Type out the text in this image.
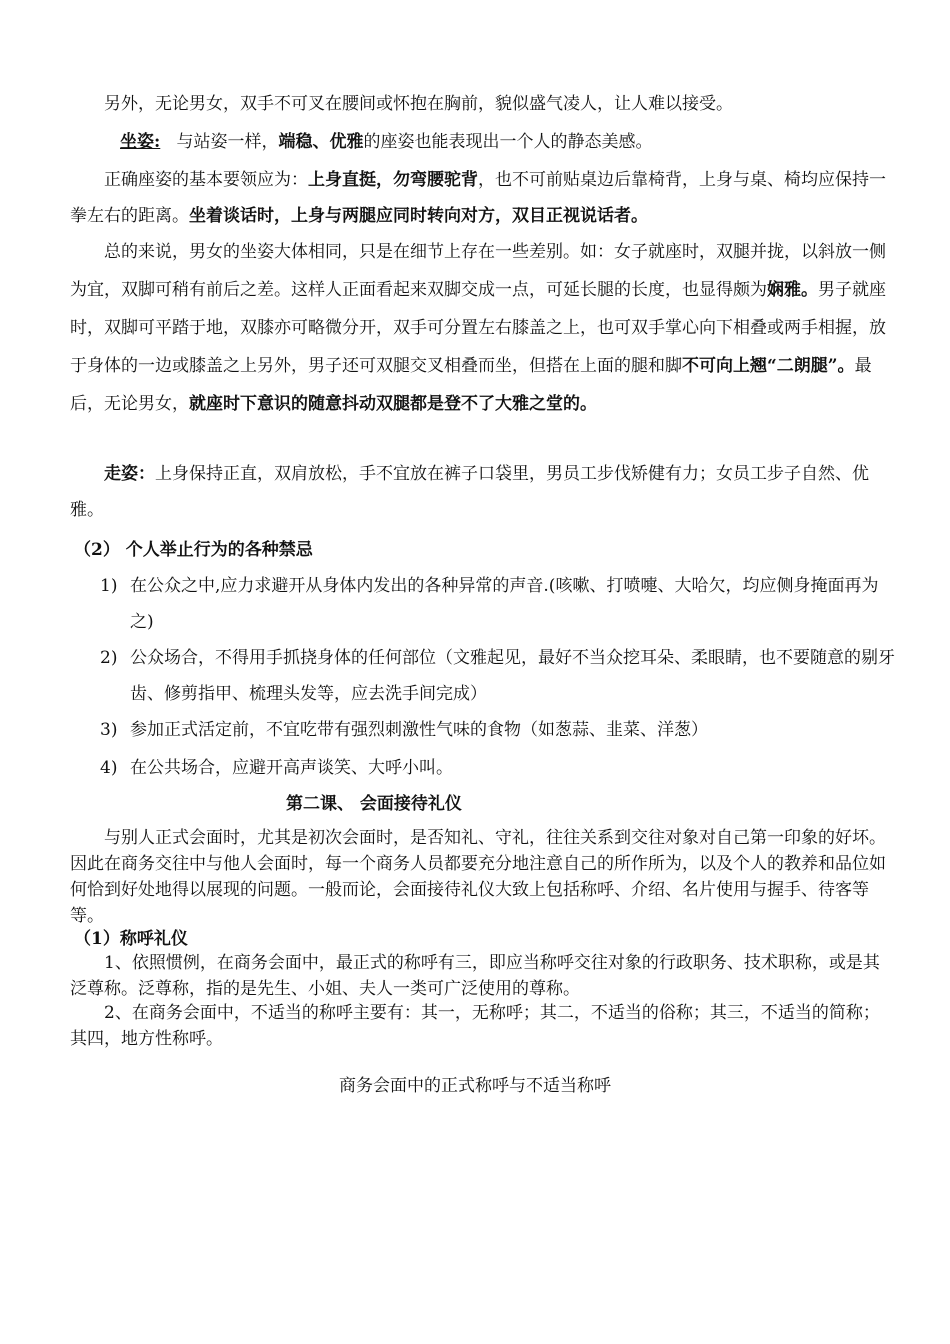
另外，无论男女，双手不可叉在腰间或怀抱在胸前，貌似盛气凌人，让人难以接受。
坐姿: 与站姿一样，端稳、优雅的座姿也能表现出一个人的静态美感。
正确座姿的基本要领应为：上身直挺，勿弯腰驼背，也不可前贴桌边后靠椅背，上身与桌、椅均应保持一拳左右的距离。坐着谈话时，上身与两腿应同时转向对方，双目正视说话者。
总的来说，男女的坐姿大体相同，只是在细节上存在一些差别。如：女子就座时，双腿并拢，以斜放一侧为宜，双脚可稍有前后之差。这样人正面看起来双脚交成一点，可延长腿的长度，也显得颇为娴雅。男子就座时，双脚可平踏于地，双膝亦可略微分开，双手可分置左右膝盖之上，也可双手掌心向下相叠或两手相握，放于身体的一边或膝盖之上另外，男子还可双腿交叉相叠而坐，但搭在上面的腿和脚不可向上翘“二朗腿”。最后，无论男女，就座时下意识的随意抖动双腿都是登不了大雅之堂的。
走姿：上身保持正直，双肩放松，手不宜放在裤子口袋里，男员工步伐矫健有力；女员工步子自然、优雅。
（2） 个人举止行为的各种禁忌
1) 在公众之中,应力求避开从身体内发出的各种异常的声音.(咳嗽、打喷嚏、大哈欠，均应侧身掩面再为之)
2) 公众场合，不得用手抓挠身体的任何部位（文雅起见，最好不当众挖耳朵、柔眼睛，也不要随意的剔牙齿、修剪指甲、梳理头发等，应去洗手间完成）
3) 参加正式活定前，不宜吃带有强烈刺激性气味的食物（如葱蒜、韭菜、洋葱）
4) 在公共场合，应避开高声谈笑、大呼小叫。
第二课、 会面接待礼仪
与别人正式会面时，尤其是初次会面时，是否知礼、守礼，往往关系到交往对象对自己第一印象的好坏。因此在商务交往中与他人会面时，每一个商务人员都要充分地注意自己的所作所为，以及个人的教养和品位如何恰到好处地得以展现的问题。一般而论，会面接待礼仪大致上包括称呼、介绍、名片使用与握手、待客等等。
（1）称呼礼仪
1、依照惯例，在商务会面中，最正式的称呼有三，即应当称呼交往对象的行政职务、技术职称，或是其泛尊称。泛尊称，指的是先生、小姐、夫人一类可广泛使用的尊称。
2、在商务会面中，不适当的称呼主要有：其一，无称呼；其二，不适当的俗称；其三，不适当的简称；其四，地方性称呼。
商务会面中的正式称呼与不适当称呼
